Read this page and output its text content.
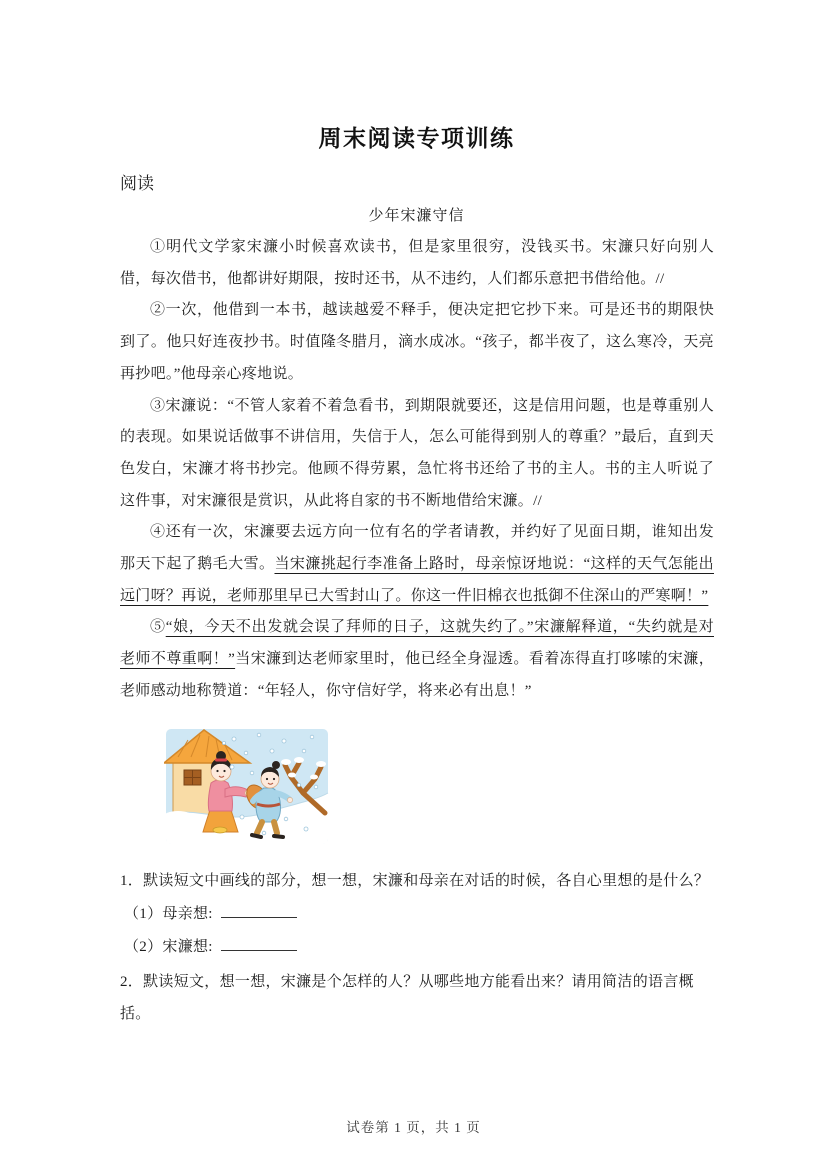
周末阅读专项训练
阅读
少年宋濂守信

①明代文学家宋濂小时候喜欢读书，但是家里很穷，没钱买书。宋濂只好向别人借，每次借书，他都讲好期限，按时还书，从不违约，人们都乐意把书借给他。//

②一次，他借到一本书，越读越爱不释手，便决定把它抄下来。可是还书的期限快到了。他只好连夜抄书。时值隆冬腊月，滴水成冰。“孩子，都半夜了，这么寒冷，天亮再抄吧。”他母亲心疼地说。

③宋濂说：“不管人家着不着急看书，到期限就要还，这是信用问题，也是尊重别人的表现。如果说话做事不讲信用，失信于人，怎么可能得到别人的尊重？”最后，直到天色发白，宋濂才将书抄完。他顾不得劳累，急忙将书还给了书的主人。书的主人听说了这件事，对宋濂很是赏识，从此将自家的书不断地借给宋濂。//

④还有一次，宋濂要去远方向一位有名的学者请教，并约好了见面日期，谁知出发那天下起了鹅毛大雪。当宋濂挑起行李准备上路时，母亲惊讶地说：“这样的天气怎能出远门呀？再说，老师那里早已大雪封山了。你这一件旧棉衣也抵御不住深山的严寒啊！”

⑤“娘，今天不出发就会误了拜师的日子，这就失约了。”宋濂解释道，“失约就是对老师不尊重啊！”当宋濂到达老师家里时，他已经全身湿透。看着冻得直打哆嗦的宋濂，老师感动地称赞道：“年轻人，你守信好学，将来必有出息！”

1．默读短文中画线的部分，想一想，宋濂和母亲在对话的时候，各自心里想的是什么？
（1）母亲想:
（2）宋濂想:
2．默读短文，想一想，宋濂是个怎样的人？从哪些地方能看出来？请用简洁的语言概括。
试卷第 1 页，共 1 页
